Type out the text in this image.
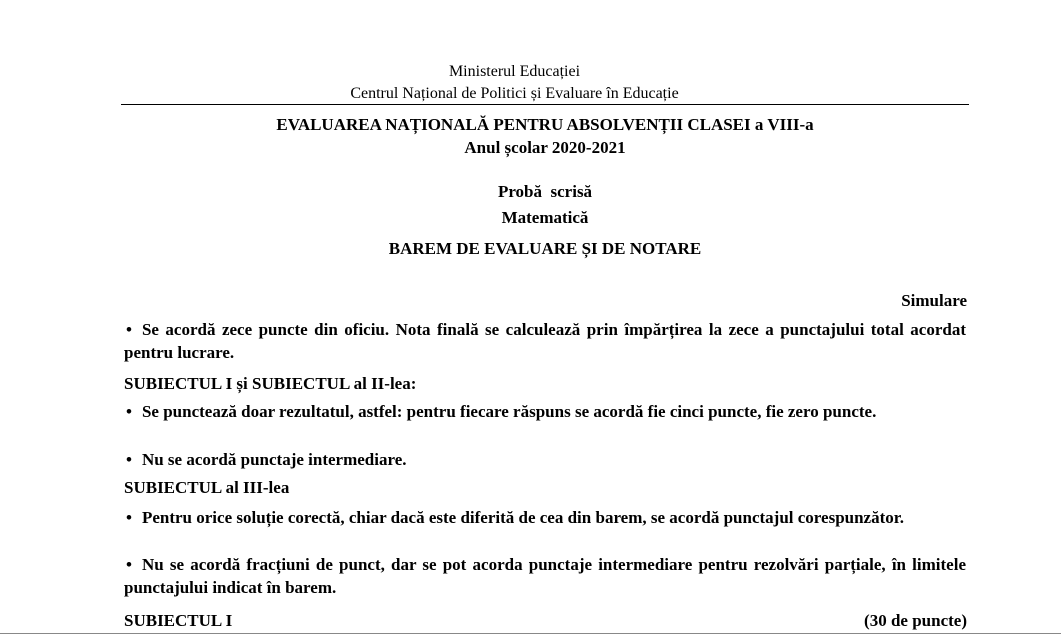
Ministerul Educației
Centrul Național de Politici și Evaluare în Educație
EVALUAREA NAȚIONALĂ PENTRU ABSOLVENȚII CLASEI a VIII-a
Anul școlar 2020-2021
Probă  scrisă
Matematică
BAREM DE EVALUARE ȘI DE NOTARE
Simulare
• Se acordă zece puncte din oficiu. Nota finală se calculează prin împărțirea la zece a punctajului total acordat pentru lucrare.
SUBIECTUL I și SUBIECTUL al II-lea:
• Se punctează doar rezultatul, astfel: pentru fiecare răspuns se acordă fie cinci puncte, fie zero puncte.
• Nu se acordă punctaje intermediare.
SUBIECTUL al III-lea
• Pentru orice soluție corectă, chiar dacă este diferită de cea din barem, se acordă punctajul corespunzător.
• Nu se acordă fracțiuni de punct, dar se pot acorda punctaje intermediare pentru rezolvări parțiale, în limitele punctajului indicat în barem.
SUBIECTUL I	(30 de puncte)
